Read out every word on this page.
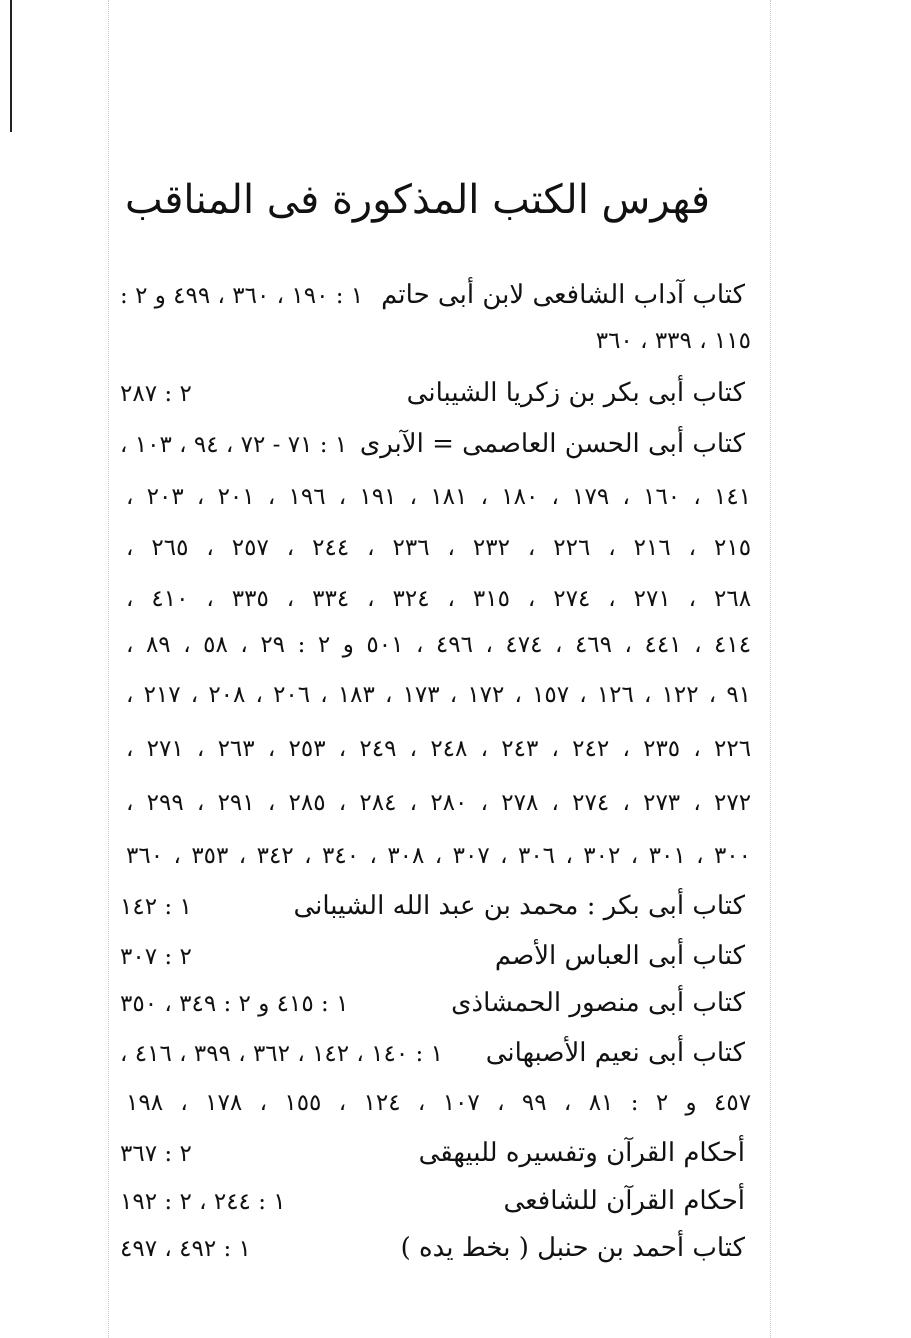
فهرس الكتب المذكورة فى المناقب
كتاب آداب الشافعى لابن أبى حاتم
١ : ١٩٠ ، ٣٦٠ ، ٤٩٩ و ٢ :
١١٥ ، ٣٣٩ ، ٣٦٠
كتاب أبى بكر بن زكريا الشيبانى
٢ : ٢٨٧
كتاب أبى الحسن العاصمى = الآبرى
١ : ٧١ - ٧٢ ، ٩٤ ، ١٠٣ ،
١٤١ ، ١٦٠ ، ١٧٩ ، ١٨٠ ، ١٨١ ، ١٩١ ، ١٩٦ ، ٢٠١ ، ٢٠٣ ،
٢١٥ ، ٢١٦ ، ٢٢٦ ، ٢٣٢ ، ٢٣٦ ، ٢٤٤ ، ٢٥٧ ، ٢٦٥ ،
٢٦٨ ، ٢٧١ ، ٢٧٤ ، ٣١٥ ، ٣٢٤ ، ٣٣٤ ، ٣٣٥ ، ٤١٠ ،
٤١٤ ، ٤٤١ ، ٤٦٩ ، ٤٧٤ ، ٤٩٦ ، ٥٠١ و ٢ : ٢٩ ، ٥٨ ، ٨٩ ،
٩١ ، ١٢٢ ، ١٢٦ ، ١٥٧ ، ١٧٢ ، ١٧٣ ، ١٨٣ ، ٢٠٦ ، ٢٠٨ ، ٢١٧ ،
٢٢٦ ، ٢٣٥ ، ٢٤٢ ، ٢٤٣ ، ٢٤٨ ، ٢٤٩ ، ٢٥٣ ، ٢٦٣ ، ٢٧١ ،
٢٧٢ ، ٢٧٣ ، ٢٧٤ ، ٢٧٨ ، ٢٨٠ ، ٢٨٤ ، ٢٨٥ ، ٢٩١ ، ٢٩٩ ،
٣٠٠ ، ٣٠١ ، ٣٠٢ ، ٣٠٦ ، ٣٠٧ ، ٣٠٨ ، ٣٤٠ ، ٣٤٢ ، ٣٥٣ ، ٣٦٠
كتاب أبى بكر : محمد بن عبد الله الشيبانى
١ : ١٤٢
كتاب أبى العباس الأصم
٢ : ٣٠٧
كتاب أبى منصور الحمشاذى
١ : ٤١٥ و ٢ : ٣٤٩ ، ٣٥٠
كتاب أبى نعيم الأصبهانى
١ : ١٤٠ ، ١٤٢ ، ٣٦٢ ، ٣٩٩ ، ٤١٦ ،
٤٥٧ و ٢ : ٨١ ، ٩٩ ، ١٠٧ ، ١٢٤ ، ١٥٥ ، ١٧٨ ، ١٩٨
أحكام القرآن وتفسيره للبيهقى
٢ : ٣٦٧
أحكام القرآن للشافعى
١ : ٢٤٤ ، ٢ : ١٩٢
كتاب أحمد بن حنبل ( بخط يده )
١ : ٤٩٢ ، ٤٩٧
